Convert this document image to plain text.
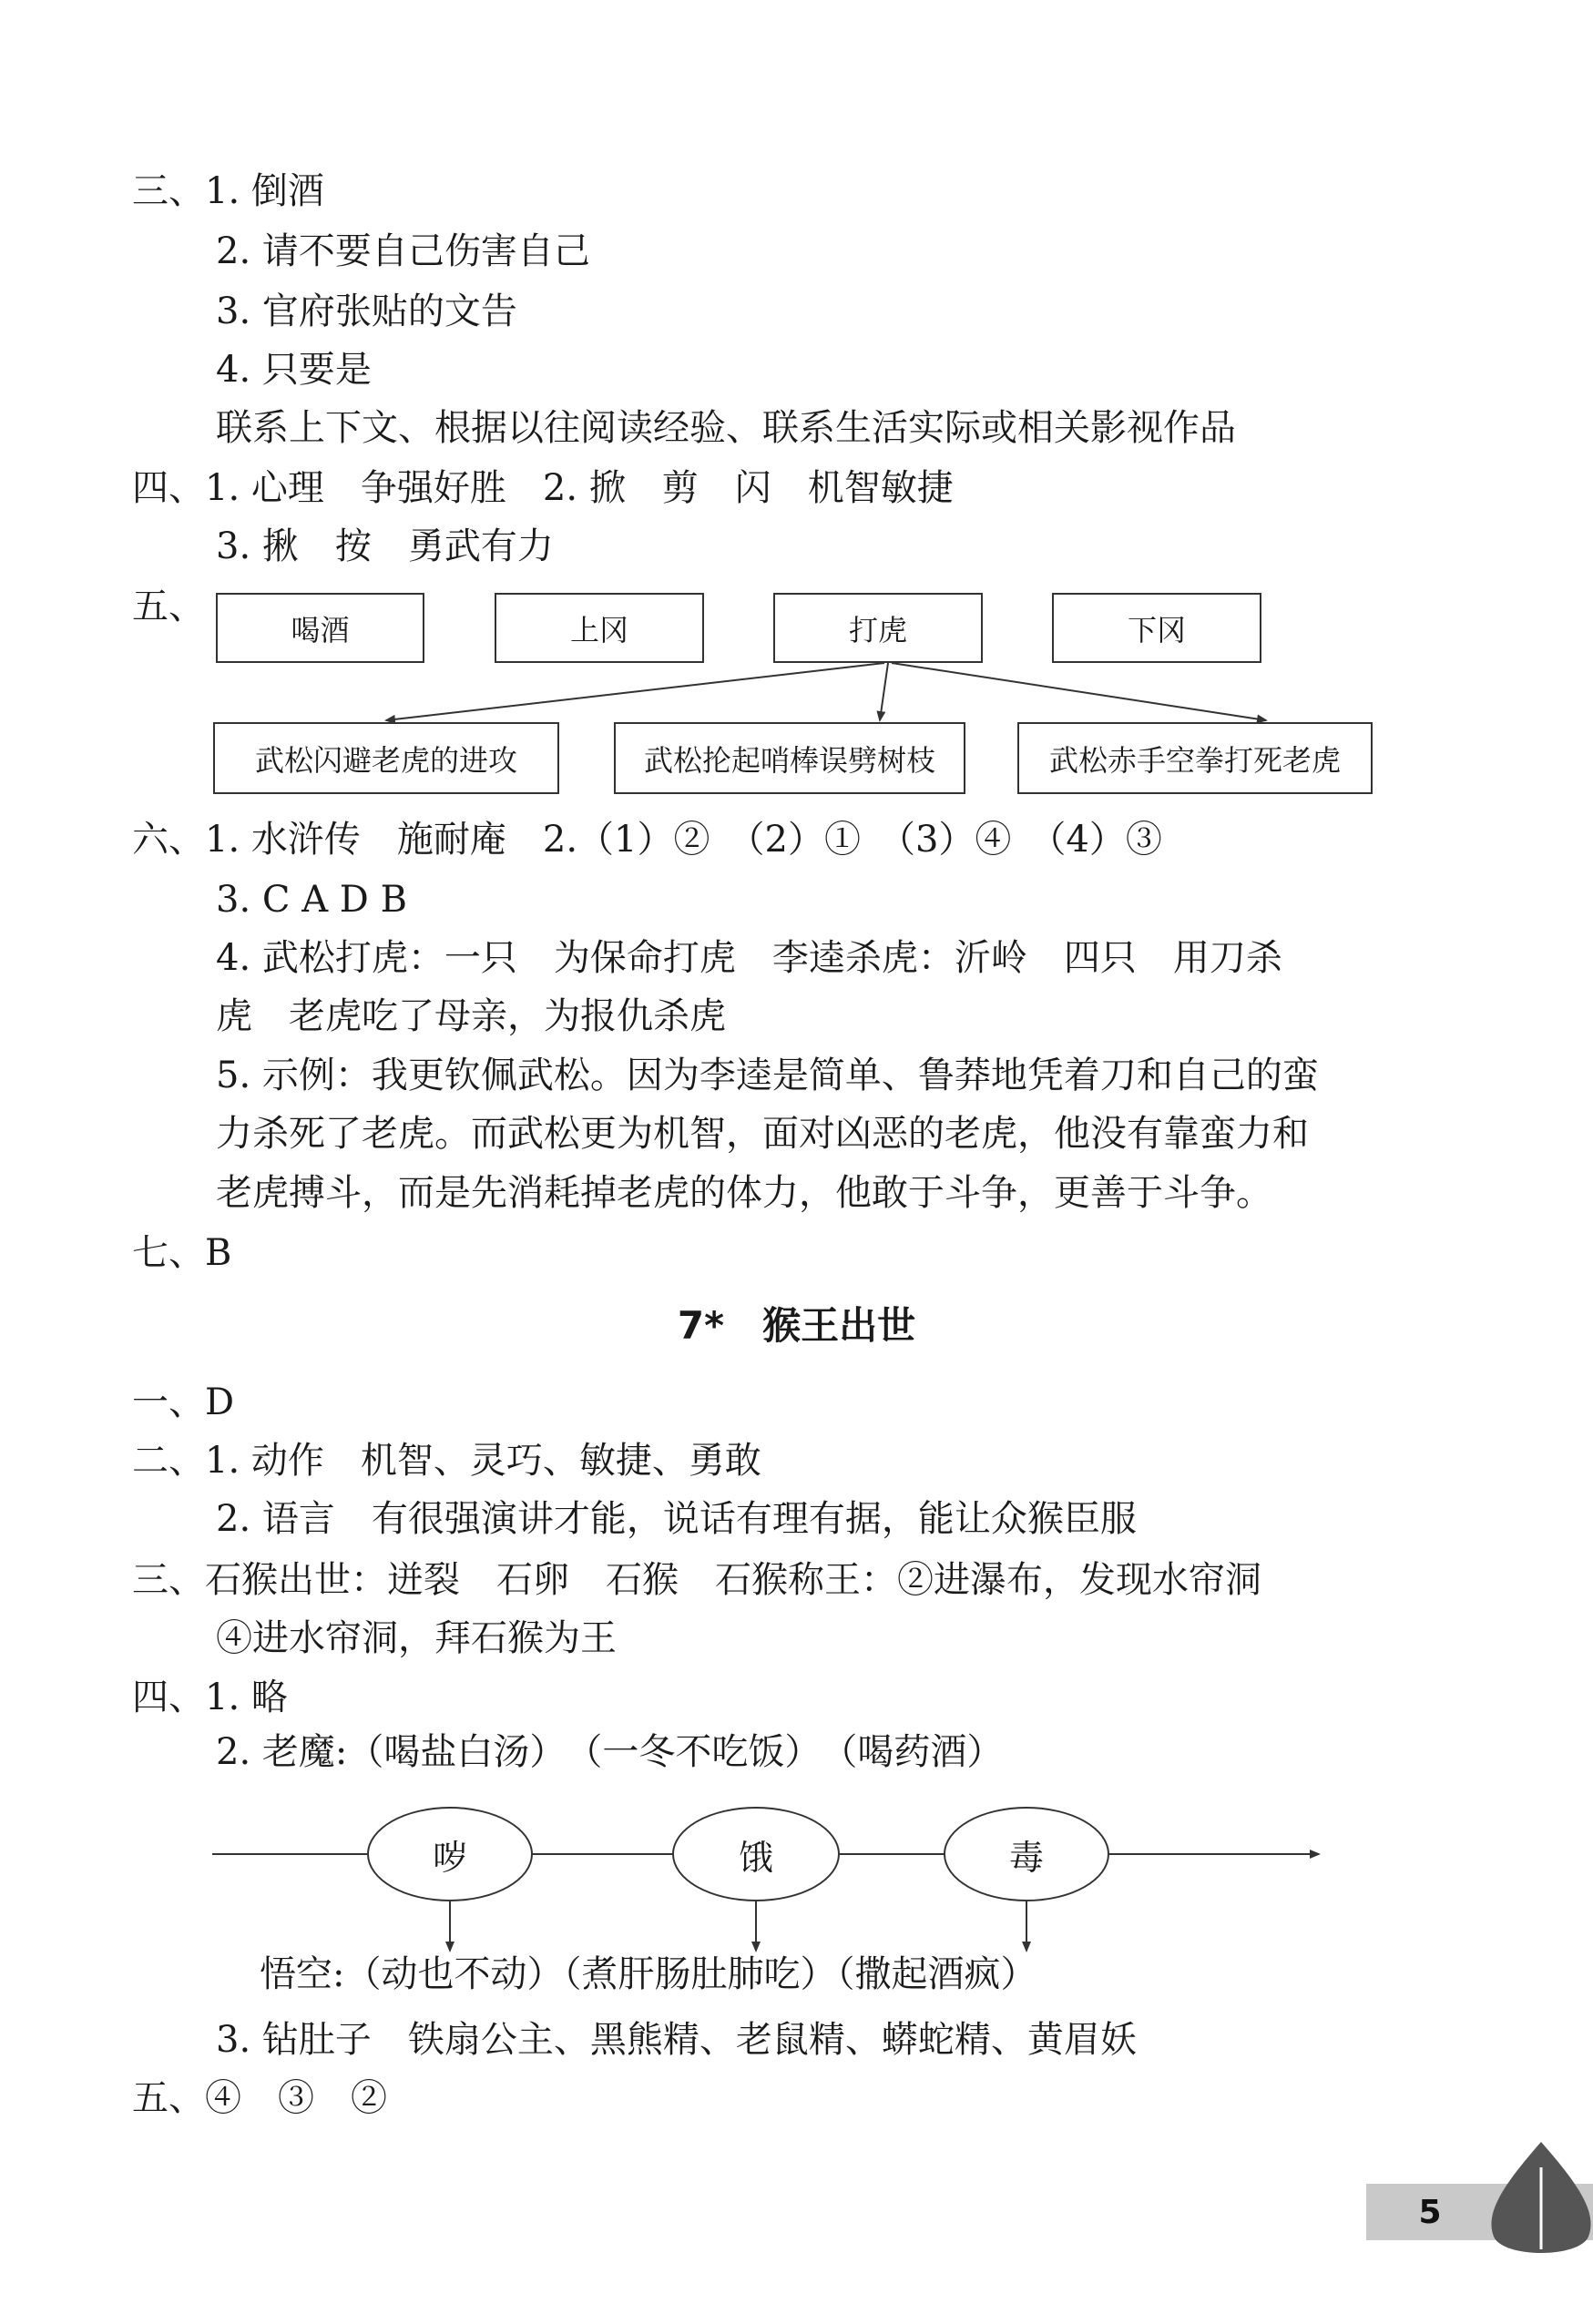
三、1. 倒酒
2. 请不要自己伤害自己
3. 官府张贴的文告
4. 只要是
联系上下文、根据以往阅读经验、联系生活实际或相关影视作品
四、1. 心理　争强好胜　2. 掀　剪　闪　机智敏捷
3. 揪　按　勇武有力
五、
喝酒	上冈	打虎	下冈
武松闪避老虎的进攻	武松抡起哨棒误劈树枝	武松赤手空拳打死老虎
六、1. 水浒传　施耐庵　2.（1）②　（2）①　（3）④　（4）③
3. C A D B
4. 武松打虎：一只　为保命打虎　李逵杀虎：沂岭　四只　用刀杀
虎　老虎吃了母亲，为报仇杀虎
5. 示例：我更钦佩武松。因为李逵是简单、鲁莽地凭着刀和自己的蛮
力杀死了老虎。而武松更为机智，面对凶恶的老虎，他没有靠蛮力和
老虎搏斗，而是先消耗掉老虎的体力，他敢于斗争，更善于斗争。
七、B
7*　猴王出世
一、D
二、1. 动作　机智、灵巧、敏捷、勇敢
2. 语言　有很强演讲才能，说话有理有据，能让众猴臣服
三、石猴出世：迸裂　石卵　石猴　石猴称王：②进瀑布，发现水帘洞
④进水帘洞，拜石猴为王
四、1. 略
2. 老魔:（喝盐白汤）　（一冬不吃饭）　（喝药酒）
哕	饿	毒
悟空:（动也不动）（煮肝肠肚肺吃）（撒起酒疯）
3. 钻肚子　铁扇公主、黑熊精、老鼠精、蟒蛇精、黄眉妖
五、④　③　②
5
